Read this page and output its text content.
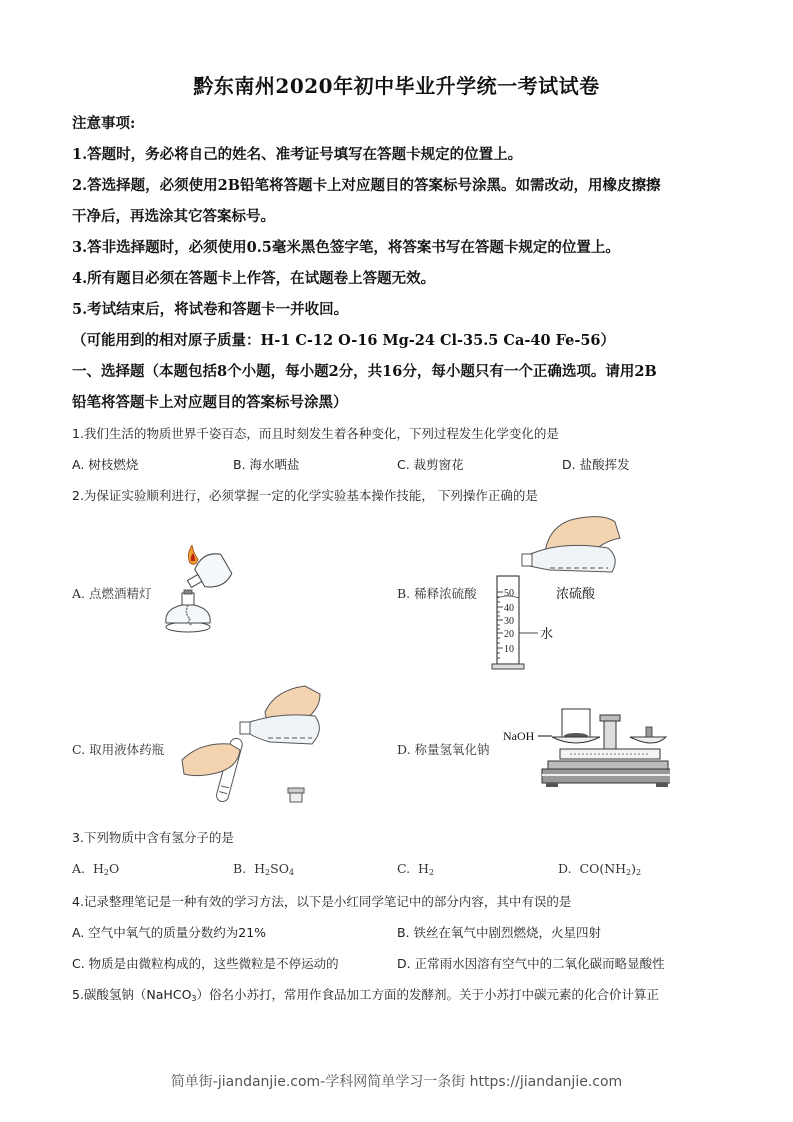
黔东南州2020年初中毕业升学统一考试试卷
注意事项:
1.答题时，务必将自己的姓名、准考证号填写在答题卡规定的位置上。
2.答选择题，必须使用2B铅笔将答题卡上对应题目的答案标号涂黑。如需改动，用橡皮擦擦
干净后，再选涂其它答案标号。
3.答非选择题时，必须使用0.5毫米黑色签字笔，将答案书写在答题卡规定的位置上。
4.所有题目必须在答题卡上作答，在试题卷上答题无效。
5.考试结束后，将试卷和答题卡一并收回。
（可能用到的相对原子质量：H-1 C-12 O-16 Mg-24 Cl-35.5 Ca-40 Fe-56）
一、选择题（本题包括8个小题，每小题2分，共16分，每小题只有一个正确选项。请用2B
铅笔将答题卡上对应题目的答案标号涂黑）
1.我们生活的物质世界千姿百态，而且时刻发生着各种变化，下列过程发生化学变化的是
A. 树枝燃烧	B. 海水晒盐	C. 裁剪窗花	D. 盐酸挥发
2.为保证实验顺利进行，必须掌握一定的化学实验基本操作技能， 下列操作正确的是
A. 点燃酒精灯	B. 稀释浓硫酸	50
40
30
20
10
水
浓硫酸
C. 取用液体药瓶	D. 称量氢氧化钠
NaOH
3.下列物质中含有氢分子的是
A. $H_2O$	B. $H_2SO_4$	C. $H_2$	D. $CO(NH_2)_2$
4.记录整理笔记是一种有效的学习方法，以下是小红同学笔记中的部分内容，其中有误的是
A. 空气中氧气的质量分数约为21%	B. 铁丝在氧气中剧烈燃烧，火星四射
C. 物质是由微粒构成的，这些微粒是不停运动的	D. 正常雨水因溶有空气中的二氧化碳而略显酸性
5.碳酸氢钠（NaHCO$_3$）俗名小苏打，常用作食品加工方面的发酵剂。关于小苏打中碳元素的化合价计算正
简单街-jiandanjie.com-学科网简单学习一条街 https://jiandanjie.com
